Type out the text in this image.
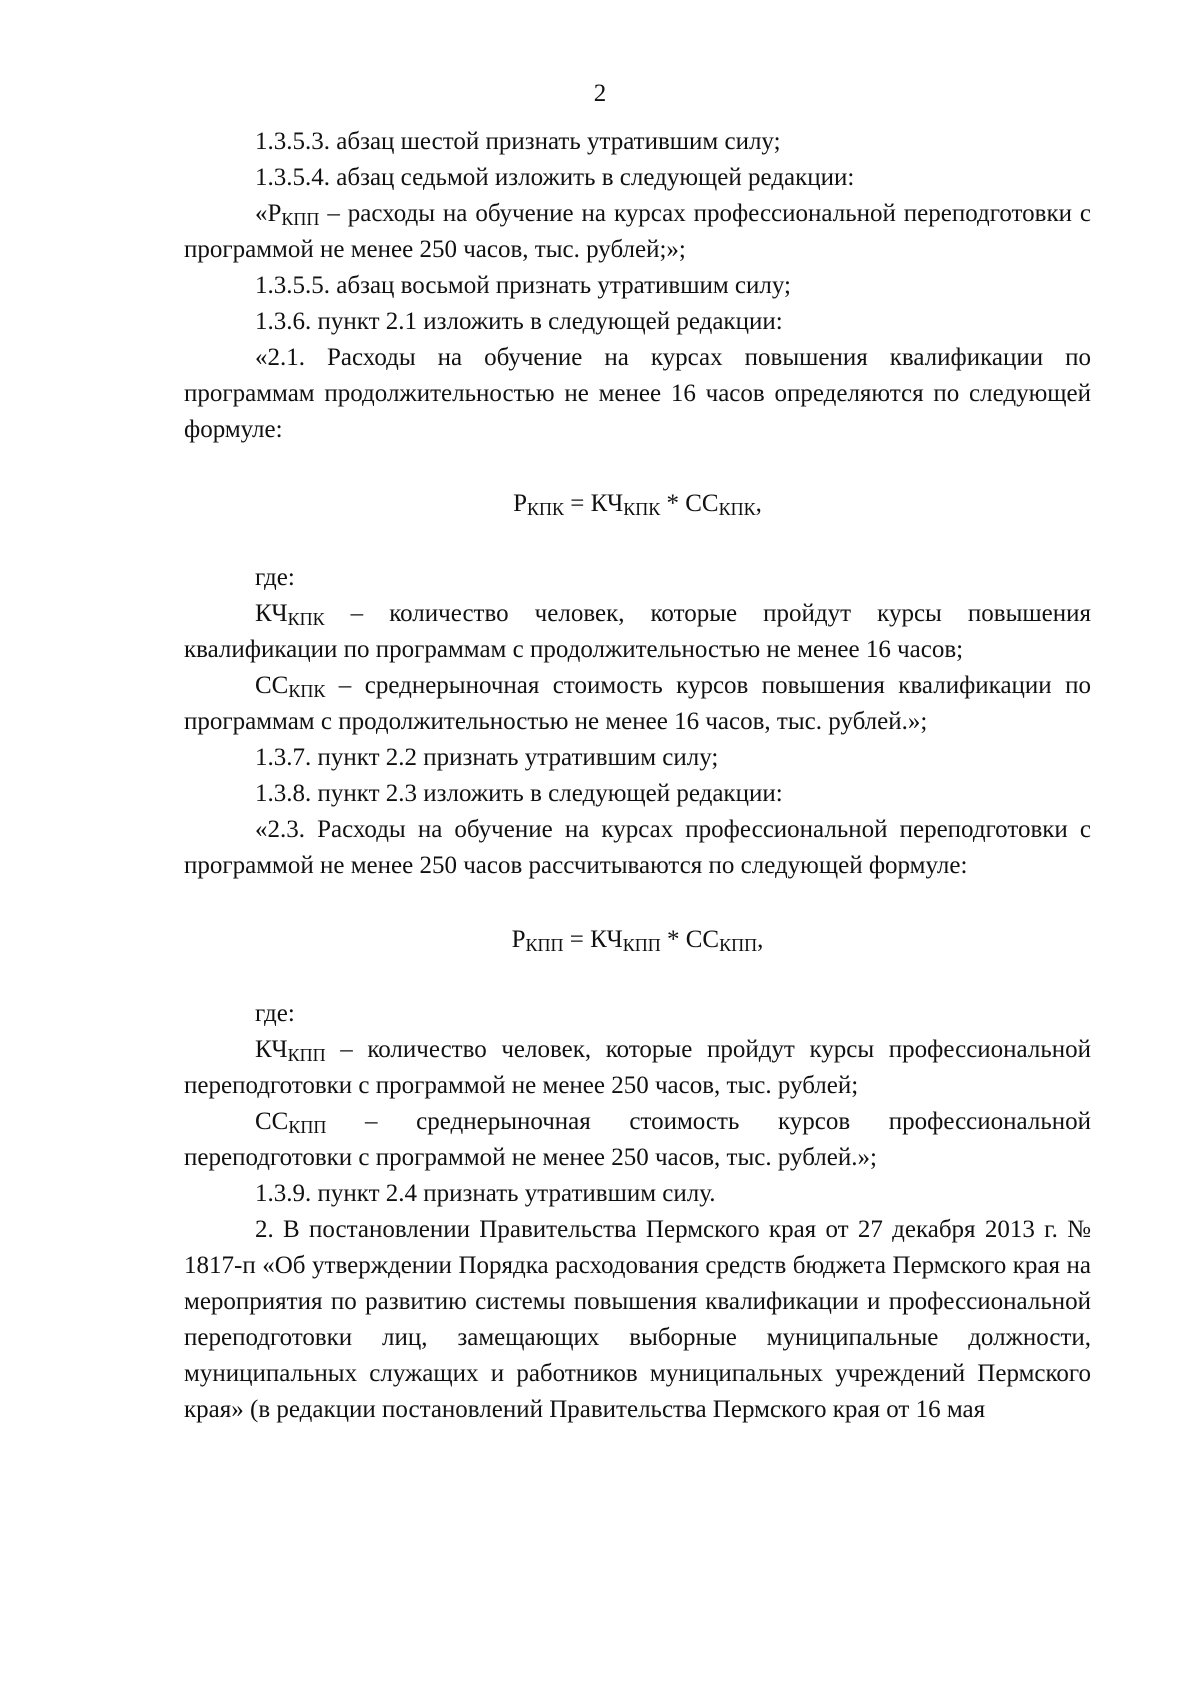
2

1.3.5.3. абзац шестой признать утратившим силу;

1.3.5.4. абзац седьмой изложить в следующей редакции:

«$Р_{КПП}$ – расходы на обучение на курсах профессиональной переподготовки с программой не менее 250 часов, тыс. рублей;»;

1.3.5.5. абзац восьмой признать утратившим силу;

1.3.6. пункт 2.1 изложить в следующей редакции:

«2.1. Расходы на обучение на курсах повышения квалификации по программам продолжительностью не менее 16 часов определяются по следующей формуле:

$Р_{КПК} = КЧ_{КПК} * СС_{КПК}$,

где:

$КЧ_{КПК}$ – количество человек, которые пройдут курсы повышения квалификации по программам с продолжительностью не менее 16 часов;

$СС_{КПК}$ – среднерыночная стоимость курсов повышения квалификации по программам с продолжительностью не менее 16 часов, тыс. рублей.»;

1.3.7. пункт 2.2 признать утратившим силу;

1.3.8. пункт 2.3 изложить в следующей редакции:

«2.3. Расходы на обучение на курсах профессиональной переподготовки с программой не менее 250 часов рассчитываются по следующей формуле:

$Р_{КПП} = КЧ_{КПП} * СС_{КПП}$,

где:

$КЧ_{КПП}$ – количество человек, которые пройдут курсы профессиональной переподготовки с программой не менее 250 часов, тыс. рублей;

$СС_{КПП}$ – среднерыночная стоимость курсов профессиональной переподготовки с программой не менее 250 часов, тыс. рублей.»;

1.3.9. пункт 2.4 признать утратившим силу.

2. В постановлении Правительства Пермского края от 27 декабря 2013 г. № 1817-п «Об утверждении Порядка расходования средств бюджета Пермского края на мероприятия по развитию системы повышения квалификации и профессиональной переподготовки лиц, замещающих выборные муниципальные должности, муниципальных служащих и работников муниципальных учреждений Пермского края» (в редакции постановлений Правительства Пермского края от 16 мая
